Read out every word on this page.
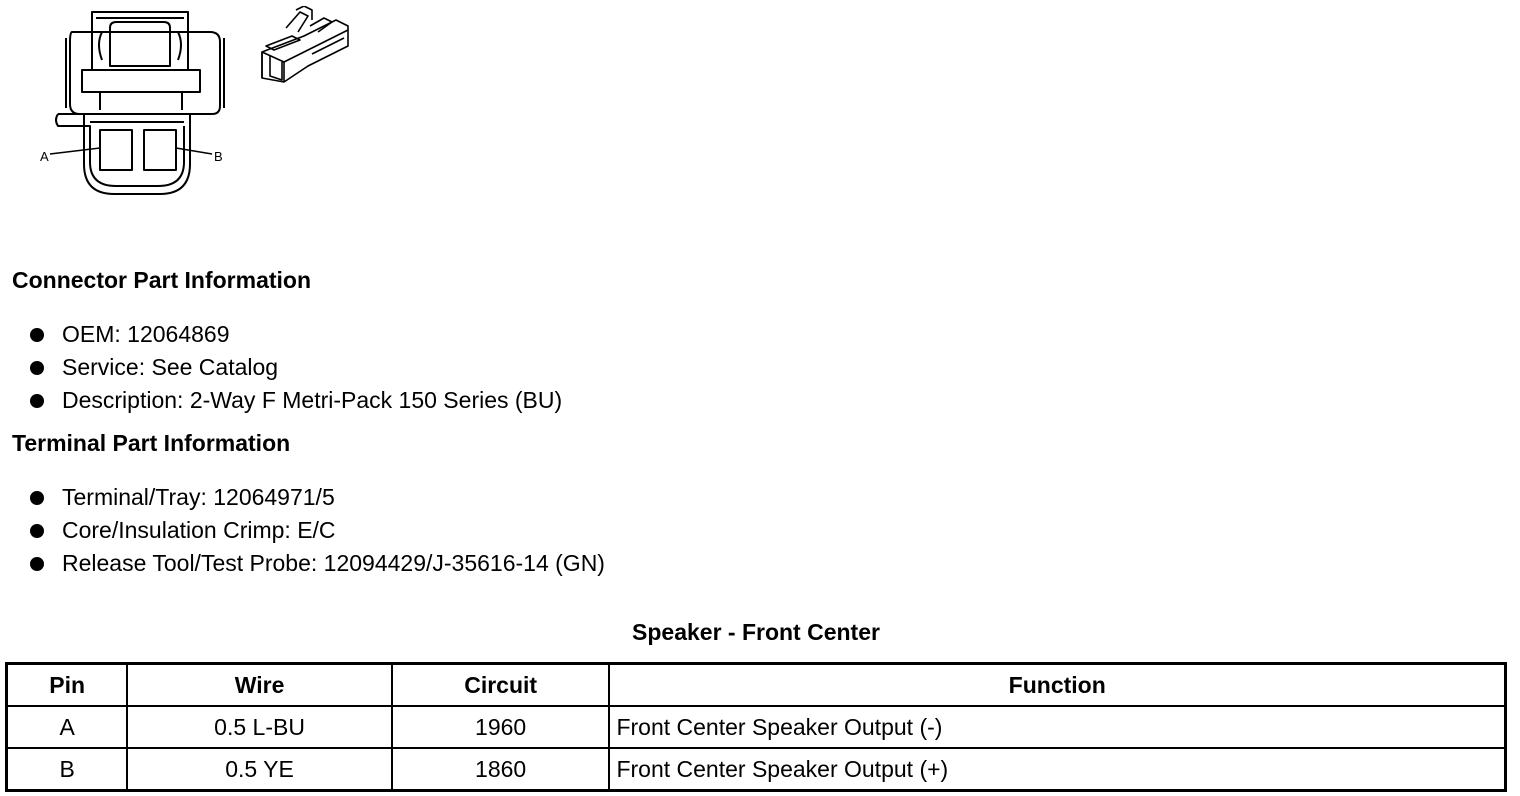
A	B
Connector Part Information
OEM: 12064869
Service: See Catalog
Description: 2-Way F Metri-Pack 150 Series (BU)
Terminal Part Information
Terminal/Tray: 12064971/5
Core/Insulation Crimp: E/C
Release Tool/Test Probe: 12094429/J-35616-14 (GN)
Speaker - Front Center
Pin	Wire	Circuit	Function
A	0.5 L-BU	1960	Front Center Speaker Output (-)
B	0.5 YE	1860	Front Center Speaker Output (+)
